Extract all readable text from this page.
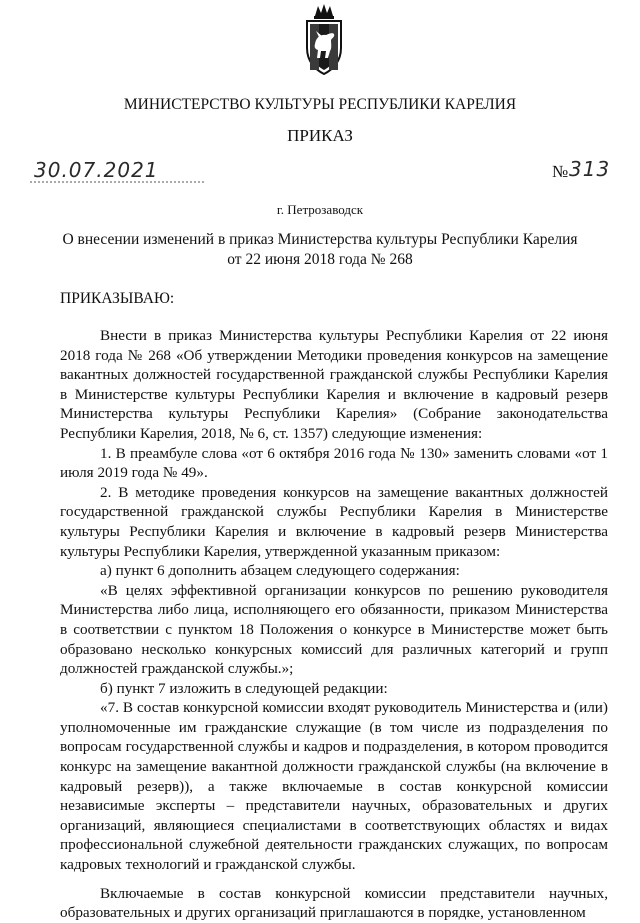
МИНИСТЕРСТВО КУЛЬТУРЫ РЕСПУБЛИКИ КАРЕЛИЯ
ПРИКАЗ
30.07.2021	№ 313
г. Петрозаводск
О внесении изменений в приказ Министерства культуры Республики Карелия
от 22 июня 2018 года № 268
ПРИКАЗЫВАЮ:

Внести в приказ Министерства культуры Республики Карелия от 22 июня 2018 года № 268 «Об утверждении Методики проведения конкурсов на замещение вакантных должностей государственной гражданской службы Республики Карелия в Министерстве культуры Республики Карелия и включение в кадровый резерв Министерства культуры Республики Карелия» (Собрание законодательства Республики Карелия, 2018, № 6, ст. 1357) следующие изменения:

1. В преамбуле слова «от 6 октября 2016 года № 130» заменить словами «от 1 июля 2019 года № 49».

2. В методике проведения конкурсов на замещение вакантных должностей государственной гражданской службы Республики Карелия в Министерстве культуры Республики Карелия и включение в кадровый резерв Министерства культуры Республики Карелия, утвержденной указанным приказом:

а) пункт 6 дополнить абзацем следующего содержания:

«В целях эффективной организации конкурсов по решению руководителя Министерства либо лица, исполняющего его обязанности, приказом Министерства в соответствии с пунктом 18 Положения о конкурсе в Министерстве может быть образовано несколько конкурсных комиссий для различных категорий и групп должностей гражданской службы.»;

б) пункт 7 изложить в следующей редакции:

«7. В состав конкурсной комиссии входят руководитель Министерства и (или) уполномоченные им гражданские служащие (в том числе из подразделения по вопросам государственной службы и кадров и подразделения, в котором проводится конкурс на замещение вакантной должности гражданской службы (на включение в кадровый резерв)), а также включаемые в состав конкурсной комиссии независимые эксперты – представители научных, образовательных и других организаций, являющиеся специалистами в соответствующих областях и видах профессиональной служебной деятельности гражданских служащих, по вопросам кадровых технологий и гражданской службы.

Включаемые в состав конкурсной комиссии представители научных, образовательных и других организаций приглашаются в порядке, установленном
